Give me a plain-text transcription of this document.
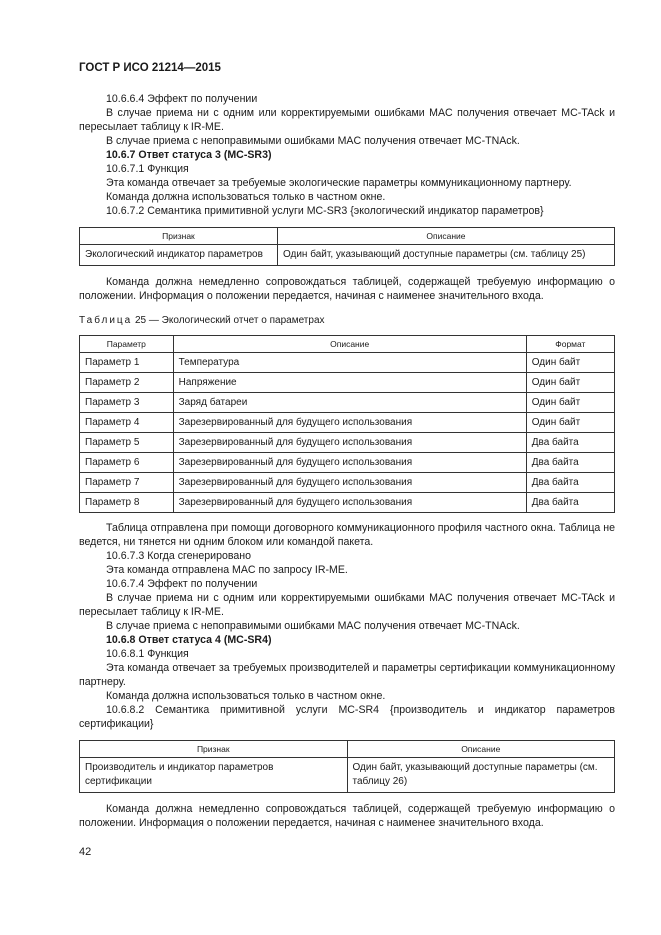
ГОСТ Р ИСО 21214—2015

10.6.6.4 Эффект по получении

В случае приема ни с одним или корректируемыми ошибками MAC получения отвечает MC-TAck и пересылает таблицу к IR-ME.

В случае приема с непоправимыми ошибками MAC получения отвечает MC-TNAck.

10.6.7 Ответ статуса 3 (MC-SR3)

10.6.7.1 Функция

Эта команда отвечает за требуемые экологические параметры коммуникационному партнеру.

Команда должна использоваться только в частном окне.

10.6.7.2 Семантика примитивной услуги MC-SR3 {экологический индикатор параметров}

Признак	Описание
Экологический индикатор параметров	Один байт, указывающий доступные параметры (см. таблицу 25)

Команда должна немедленно сопровождаться таблицей, содержащей требуемую информацию о положении. Информация о положении передается, начиная с наименее значительного входа.

Таблица 25 — Экологический отчет о параметрах
Параметр	Описание	Формат
Параметр 1	Температура	Один байт
Параметр 2	Напряжение	Один байт
Параметр 3	Заряд батареи	Один байт
Параметр 4	Зарезервированный для будущего использования	Один байт
Параметр 5	Зарезервированный для будущего использования	Два байта
Параметр 6	Зарезервированный для будущего использования	Два байта
Параметр 7	Зарезервированный для будущего использования	Два байта
Параметр 8	Зарезервированный для будущего использования	Два байта

Таблица отправлена при помощи договорного коммуникационного профиля частного окна. Таблица не ведется, ни тянется ни одним блоком или командой пакета.

10.6.7.3 Когда сгенерировано

Эта команда отправлена MAC по запросу IR-ME.

10.6.7.4 Эффект по получении

В случае приема ни с одним или корректируемыми ошибками MAC получения отвечает MC-TAck и пересылает таблицу к IR-ME.

В случае приема с непоправимыми ошибками MAC получения отвечает MC-TNAck.

10.6.8 Ответ статуса 4 (MC-SR4)

10.6.8.1 Функция

Эта команда отвечает за требуемых производителей и параметры сертификации коммуникационному партнеру.

Команда должна использоваться только в частном окне.

10.6.8.2 Семантика примитивной услуги MC-SR4 {производитель и индикатор параметров сертификации}

Признак	Описание
Производитель и индикатор параметров сертификации	Один байт, указывающий доступные параметры (см. таблицу 26)

Команда должна немедленно сопровождаться таблицей, содержащей требуемую информацию о положении. Информация о положении передается, начиная с наименее значительного входа.

42
